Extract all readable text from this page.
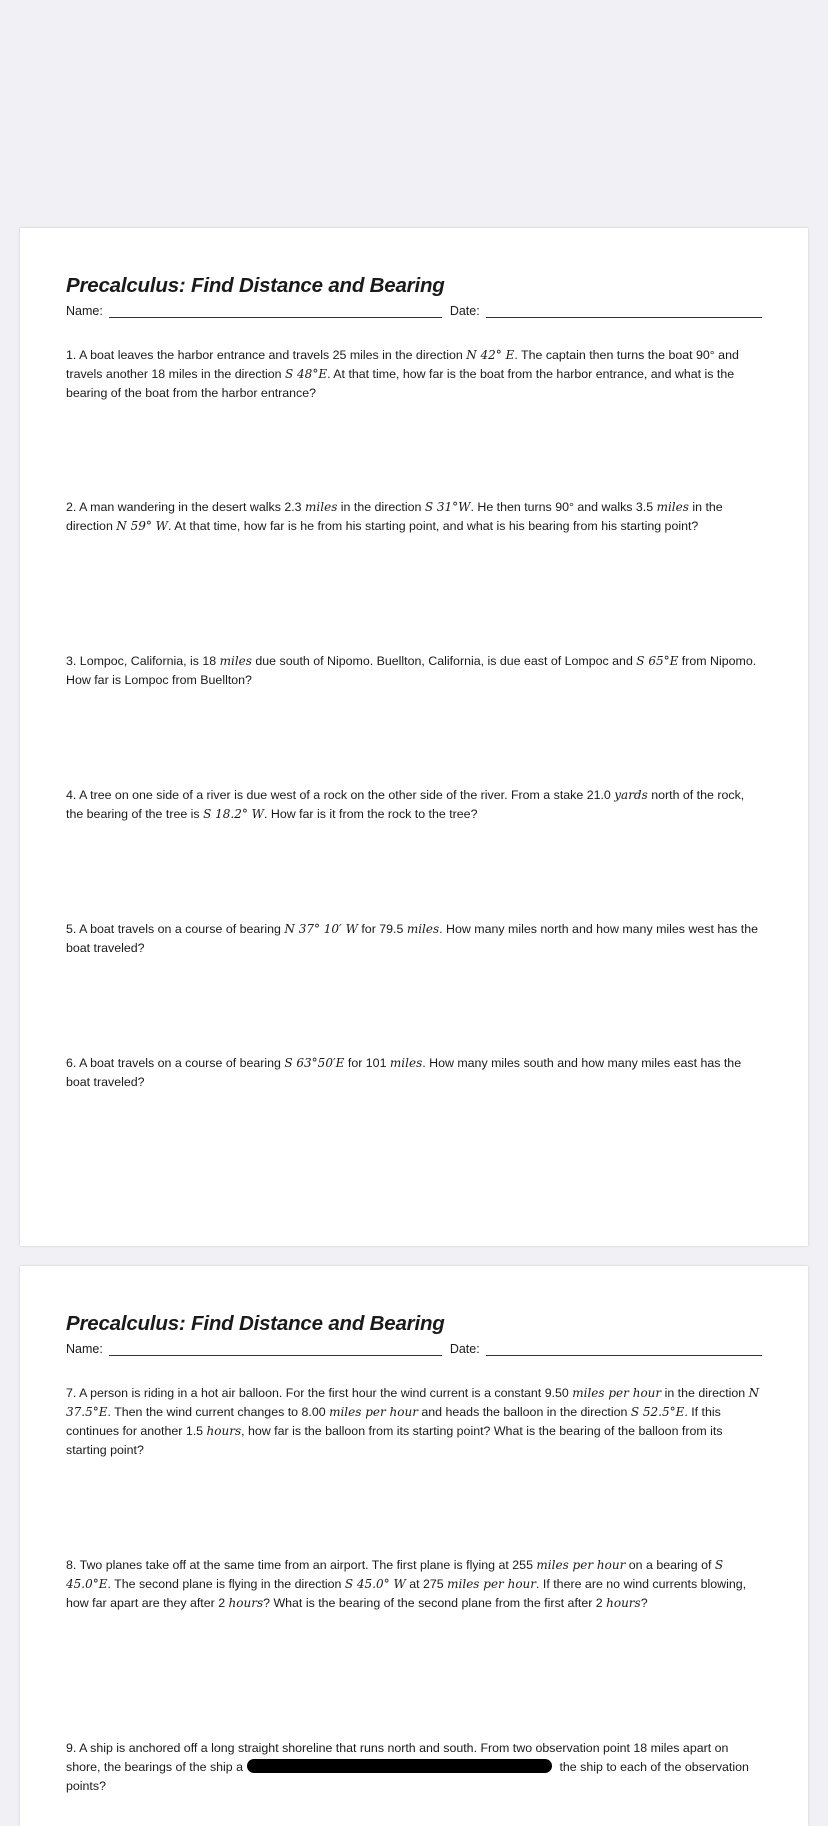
Precalculus: Find Distance and Bearing
Name:	Date:

1. A boat leaves the harbor entrance and travels 25 miles in the direction N 42° E. The captain then turns the boat 90° and travels another 18 miles in the direction S 48°E. At that time, how far is the boat from the harbor entrance, and what is the bearing of the boat from the harbor entrance?

2. A man wandering in the desert walks 2.3 miles in the direction S 31°W. He then turns 90° and walks 3.5 miles in the direction N 59° W. At that time, how far is he from his starting point, and what is his bearing from his starting point?

3. Lompoc, California, is 18 miles due south of Nipomo. Buellton, California, is due east of Lompoc and S 65°E from Nipomo. How far is Lompoc from Buellton?

4. A tree on one side of a river is due west of a rock on the other side of the river. From a stake 21.0 yards north of the rock, the bearing of the tree is S 18.2° W. How far is it from the rock to the tree?

5. A boat travels on a course of bearing N 37° 10′ W for 79.5 miles. How many miles north and how many miles west has the boat traveled?

6. A boat travels on a course of bearing S 63°50′E for 101 miles. How many miles south and how many miles east has the boat traveled?

Precalculus: Find Distance and Bearing
Name:	Date:

7. A person is riding in a hot air balloon. For the first hour the wind current is a constant 9.50 miles per hour in the direction N 37.5°E. Then the wind current changes to 8.00 miles per hour and heads the balloon in the direction S 52.5°E. If this continues for another 1.5 hours, how far is the balloon from its starting point? What is the bearing of the balloon from its starting point?

8. Two planes take off at the same time from an airport. The first plane is flying at 255 miles per hour on a bearing of S 45.0°E. The second plane is flying in the direction S 45.0° W at 275 miles per hour. If there are no wind currents blowing, how far apart are they after 2 hours? What is the bearing of the second plane from the first after 2 hours?

9. A ship is anchored off a long straight shoreline that runs north and south. From two observation point 18 miles apart on shore, the bearings of the ship a	the ship to each of the observation points?
